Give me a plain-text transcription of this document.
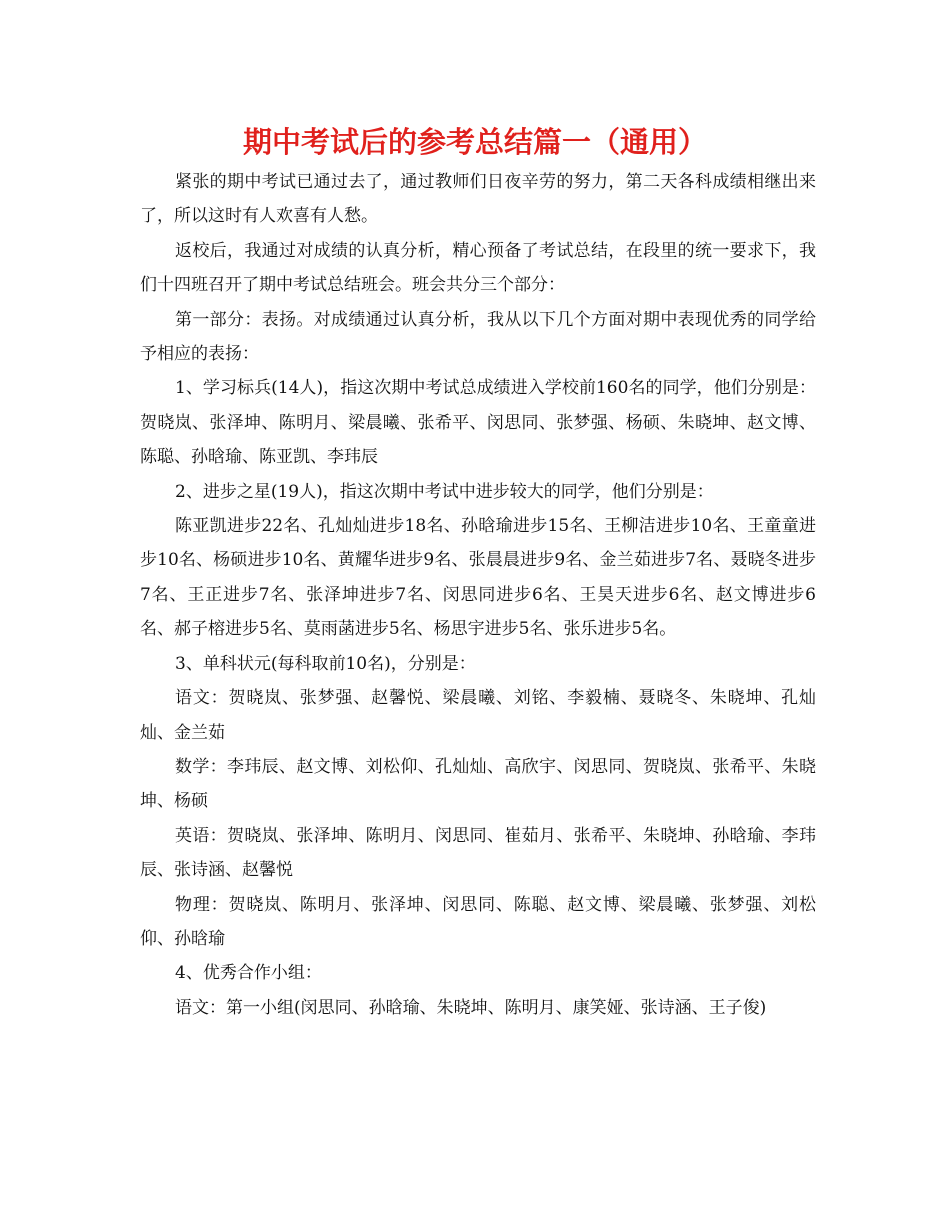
期中考试后的参考总结篇一（通用）

紧张的期中考试已通过去了，通过教师们日夜辛劳的努力，第二天各科成绩相继出来了，所以这时有人欢喜有人愁。

返校后，我通过对成绩的认真分析，精心预备了考试总结，在段里的统一要求下，我们十四班召开了期中考试总结班会。班会共分三个部分：

第一部分：表扬。对成绩通过认真分析，我从以下几个方面对期中表现优秀的同学给予相应的表扬：

1、学习标兵(14人)，指这次期中考试总成绩进入学校前160名的同学，他们分别是：贺晓岚、张泽坤、陈明月、梁晨曦、张希平、闵思同、张梦强、杨硕、朱晓坤、赵文博、陈聪、孙晗瑜、陈亚凯、李玮辰

2、进步之星(19人)，指这次期中考试中进步较大的同学，他们分别是：

陈亚凯进步22名、孔灿灿进步18名、孙晗瑜进步15名、王柳洁进步10名、王童童进步10名、杨硕进步10名、黄耀华进步9名、张晨晨进步9名、金兰茹进步7名、聂晓冬进步7名、王正进步7名、张泽坤进步7名、闵思同进步6名、王昊天进步6名、赵文博进步6名、郝子榕进步5名、莫雨菡进步5名、杨思宇进步5名、张乐进步5名。

3、单科状元(每科取前10名)，分别是：

语文：贺晓岚、张梦强、赵馨悦、梁晨曦、刘铭、李毅楠、聂晓冬、朱晓坤、孔灿灿、金兰茹

数学：李玮辰、赵文博、刘松仰、孔灿灿、高欣宇、闵思同、贺晓岚、张希平、朱晓坤、杨硕

英语：贺晓岚、张泽坤、陈明月、闵思同、崔茹月、张希平、朱晓坤、孙晗瑜、李玮辰、张诗涵、赵馨悦

物理：贺晓岚、陈明月、张泽坤、闵思同、陈聪、赵文博、梁晨曦、张梦强、刘松仰、孙晗瑜

4、优秀合作小组：

语文：第一小组(闵思同、孙晗瑜、朱晓坤、陈明月、康笑娅、张诗涵、王子俊)
